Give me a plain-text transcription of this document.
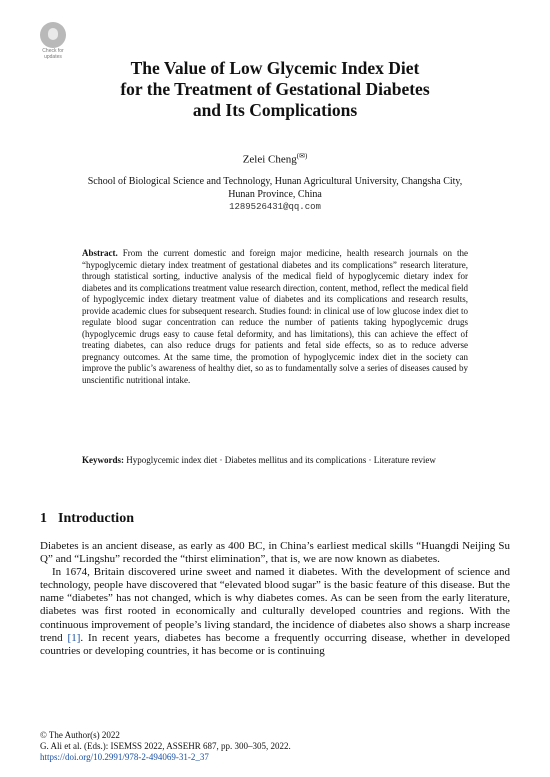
Check for
updates
The Value of Low Glycemic Index Diet
for the Treatment of Gestational Diabetes
and Its Complications
Zelei Cheng(✉)
School of Biological Science and Technology, Hunan Agricultural University, Changsha City,
Hunan Province, China
1289526431@qq.com

Abstract. From the current domestic and foreign major medicine, health research journals on the “hypoglycemic dietary index treatment of gestational diabetes and its complications” research literature, through statistical sorting, inductive analysis of the medical field of hypoglycemic dietary index for diabetes and its complications treatment value research direction, content, method, reflect the medical field of hypoglycemic index dietary treatment value of diabetes and its complications and research results, provide academic clues for subsequent research. Studies found: in clinical use of low glucose index diet to regulate blood sugar concentration can reduce the number of patients taking hypoglycemic drugs (hypoglycemic drugs easy to cause fetal deformity, and has limitations), this can achieve the effect of treating diabetes, can also reduce drugs for patients and fetal side effects, so as to reduce adverse pregnancy outcomes. At the same time, the promotion of hypoglycemic index diet in the society can improve the public’s awareness of healthy diet, so as to fundamentally solve a series of diseases caused by unscientific nutritional intake.

Keywords: Hypoglycemic index diet · Diabetes mellitus and its complications · Literature review

1 Introduction

Diabetes is an ancient disease, as early as 400 BC, in China’s earliest medical skills “Huangdi Neijing Su Q” and “Lingshu” recorded the “thirst elimination”, that is, we are now known as diabetes.

In 1674, Britain discovered urine sweet and named it diabetes. With the development of science and technology, people have discovered that “elevated blood sugar” is the basic feature of this disease. But the name “diabetes” has not changed, which is why diabetes comes. As can be seen from the early literature, diabetes was first rooted in economically and culturally developed countries and regions. With the continuous improvement of people’s living standard, the incidence of diabetes also shows a sharp increase trend [1]. In recent years, diabetes has become a frequently occurring disease, whether in developed countries or developing countries, it has become or is continuing

© The Author(s) 2022
G. Ali et al. (Eds.): ISEMSS 2022, ASSEHR 687, pp. 300–305, 2022.
https://doi.org/10.2991/978-2-494069-31-2_37
